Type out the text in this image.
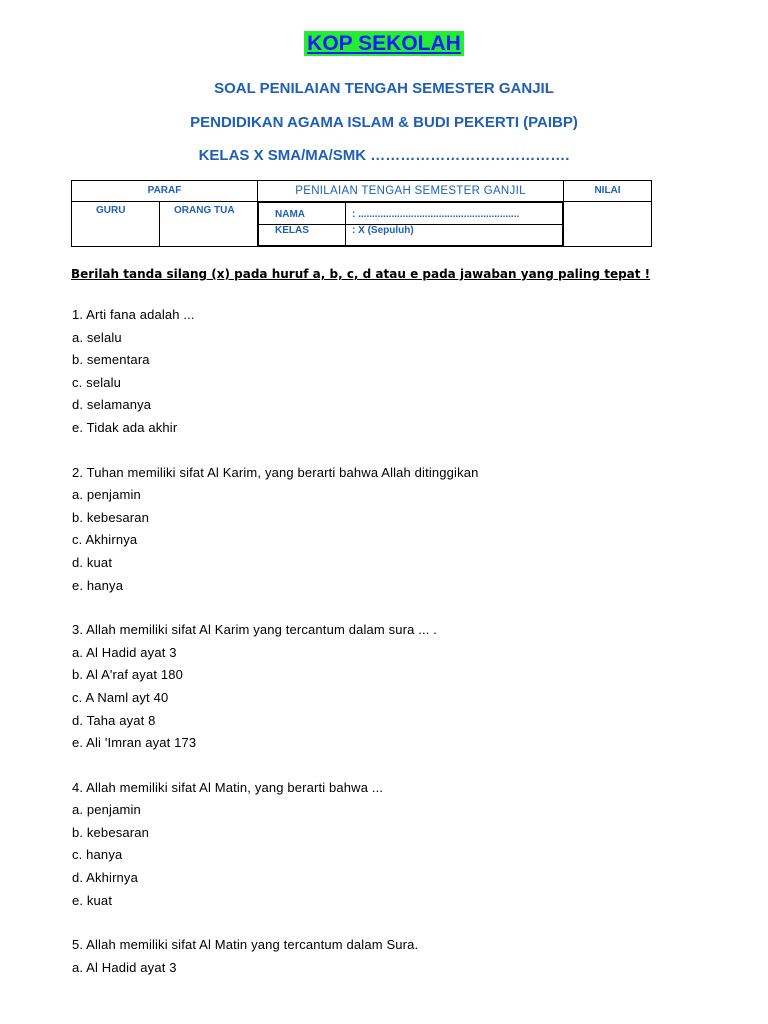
KOP SEKOLAH
SOAL PENILAIAN TENGAH SEMESTER GANJIL
PENDIDIKAN AGAMA ISLAM & BUDI PEKERTI (PAIBP)
KELAS X SMA/MA/SMK ………………………………….
PARAF	PENILAIAN TENGAH SEMESTER GANJIL	NILAI
GURU	ORANG TUA		NAMA	: ..........................................................
KELAS	: X (Sepuluh)

Berilah tanda silang (x) pada huruf a, b, c, d atau e pada jawaban yang paling tepat !
1. Arti fana adalah ...
a. selalu
b. sementara
c. selalu
d. selamanya
e. Tidak ada akhir
2. Tuhan memiliki sifat Al Karim, yang berarti bahwa Allah ditinggikan
a. penjamin
b. kebesaran
c. Akhirnya
d. kuat
e. hanya
3. Allah memiliki sifat Al Karim yang tercantum dalam sura ... .
a. Al Hadid ayat 3
b. Al A'raf ayat 180
c. A Naml ayt 40
d. Taha ayat 8
e. Ali 'Imran ayat 173
4. Allah memiliki sifat Al Matin, yang berarti bahwa ...
a. penjamin
b. kebesaran
c. hanya
d. Akhirnya
e. kuat
5. Allah memiliki sifat Al Matin yang tercantum dalam Sura.
a. Al Hadid ayat 3
